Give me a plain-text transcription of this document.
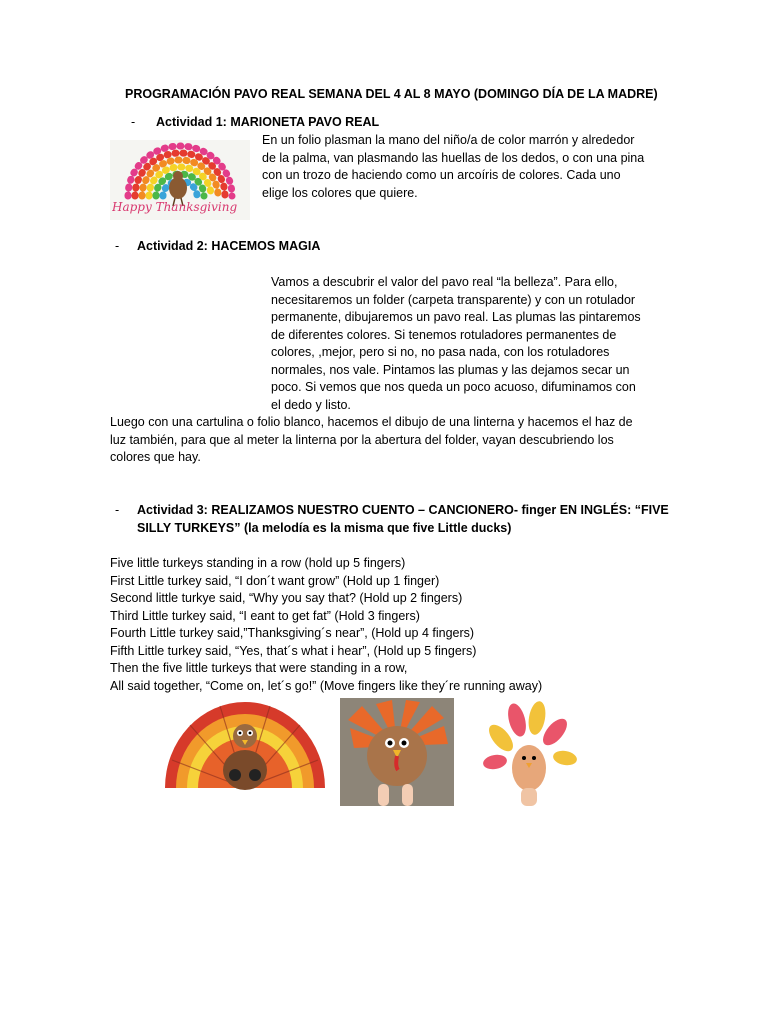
PROGRAMACIÓN PAVO REAL SEMANA DEL 4 AL 8 MAYO (DOMINGO DÍA DE LA MADRE)
- Actividad 1: MARIONETA PAVO REAL
Happy Thanksgiving
En un folio plasman la mano del niño/a de color marrón y alrededor
de la palma, van plasmando las huellas de los dedos, o con una pina
con un trozo de haciendo como un arcoíris de colores. Cada uno
elige los colores que quiere.
- Actividad 2: HACEMOS MAGIA
Vamos a descubrir el valor del pavo real “la belleza”. Para ello,
necesitaremos un folder (carpeta transparente) y con un rotulador
permanente, dibujaremos un pavo real. Las plumas las pintaremos
de diferentes colores. Si tenemos rotuladores permanentes de
colores, ,mejor, pero si no, no pasa nada, con los rotuladores
normales, nos vale. Pintamos las plumas y las dejamos secar un
poco. Si vemos que nos queda un poco acuoso, difuminamos con
el dedo y listo.
Luego con una cartulina o folio blanco, hacemos el dibujo de una linterna y hacemos el haz de
luz también, para que al meter la linterna por la abertura del folder, vayan descubriendo los
colores que hay.
- Actividad 3: REALIZAMOS NUESTRO CUENTO – CANCIONERO- finger EN INGLÉS: “FIVE
SILLY TURKEYS” (la melodía es la misma que five Little ducks)
Five little turkeys standing in a row (hold up 5 fingers)
First Little turkey said, “I don´t want grow” (Hold up 1 finger)
Second little turkye said, “Why you say that? (Hold up 2 fingers)
Third Little turkey said, “I eant to get fat” (Hold 3 fingers)
Fourth Little turkey said,”Thanksgiving´s near”, (Hold up 4 fingers)
Fifth Little turkey said, “Yes, that´s what i hear”, (Hold up 5 fingers)
Then the five little turkeys that were standing in a row,
All said together, “Come on, let´s go!” (Move fingers like they´re running away)
